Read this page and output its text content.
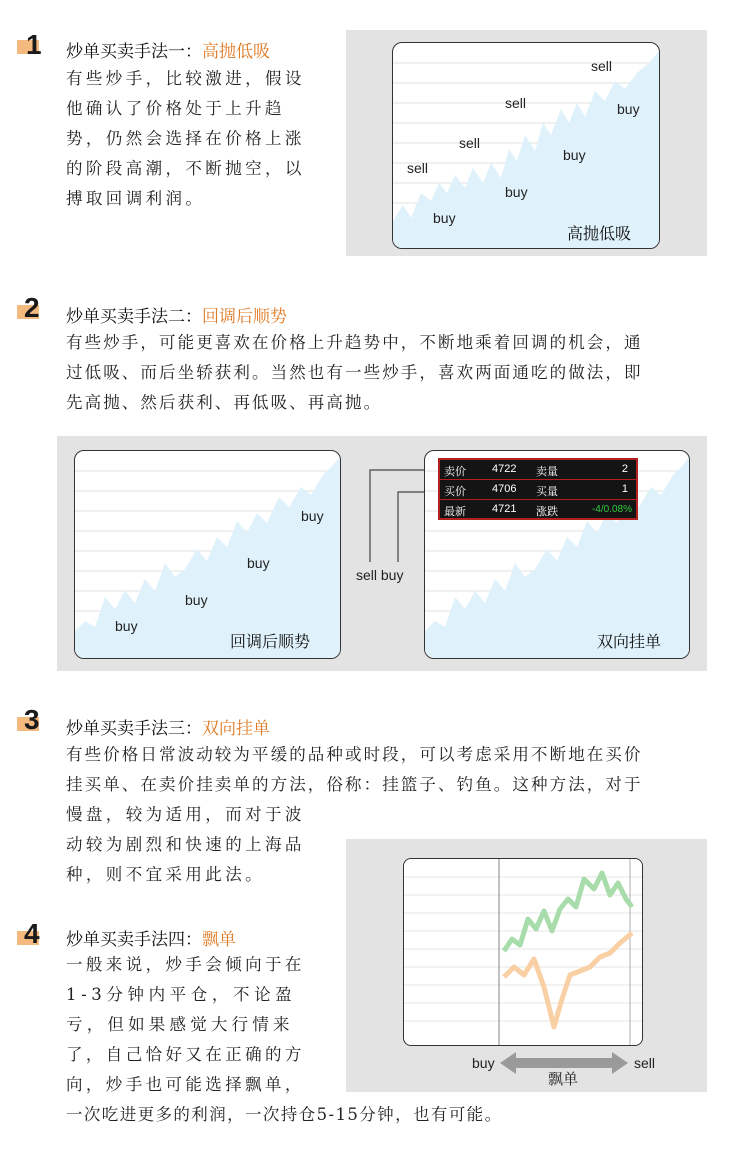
1 炒单买卖手法一：高抛低吸
有些炒手，比较激进，假设
他确认了价格处于上升趋
势，仍然会选择在价格上涨
的阶段高潮，不断抛空，以
搏取回调利润。
sell
sell
sell
sell
buy
buy
buy
buy
高抛低吸
2 炒单买卖手法二：回调后顺势
有些炒手，可能更喜欢在价格上升趋势中，不断地乘着回调的机会，通
过低吸、而后坐轿获利。当然也有一些炒手，喜欢两面通吃的做法，即
先高抛、然后获利、再低吸、再高抛。
buy
buy
buy
buy
回调后顺势
sell buy
双向挂单
卖价 4722 卖量	2
买价 4706 买量	1
最新 4721 涨跌	-4/0.08%
3 炒单买卖手法三：双向挂单
有些价格日常波动较为平缓的品种或时段，可以考虑采用不断地在买价
挂买单、在卖价挂卖单的方法，俗称：挂篮子、钓鱼。这种方法，对于
慢盘，较为适用，而对于波
动较为剧烈和快速的上海品
种，则不宜采用此法。
4 炒单买卖手法四：飘单
一般来说，炒手会倾向于在
1-3分钟内平仓，不论盈
亏，但如果感觉大行情来
了，自己恰好又在正确的方
向，炒手也可能选择飘单，
一次吃进更多的利润，一次持仓5-15分钟，也有可能。
buy	sell
飘单
